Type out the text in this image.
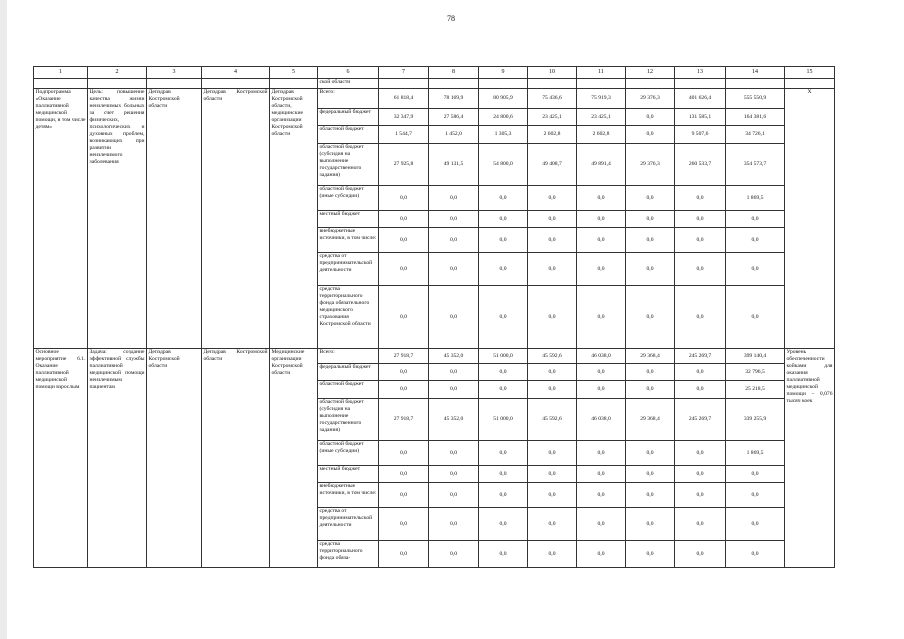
78
1	2	3	4	5	6	7	8	9	10	11	12	13	14	15
					ской области									
Подпрограмма «Оказание паллиативной медицинской помощи, в том числе детям»	Цель: повышение качества жизни неизлечимых больных за счет решения физических, психологических и духовных проблем, возникающих при развитии неизлечимого заболевания	Депздрав Костромской области	Депздрав Костромской области	Депздрав Костромской области, медицинские организации Костромской области	Всего:	61 818,4	78 169,9	80 905,9	75 436,6	75 919,3	29 376,3	401 626,4	555 550,9	Х
					федеральный бюджет	32 347,9	27 586,4	24 800,6	23 425,1	23 425,1	0,0	131 585,1	164 381,6	
					областной бюджет	1 544,7	1 452,0	1 305,3	2 602,8	2 602,8	0,0	9 507,6	34 726,1	
					областной бюджет (субсидия на выполнение государственного задания)	27 925,8	49 131,5	54 800,0	49 408,7	49 891,4	29 376,3	260 533,7	354 573,7	
					областной бюджет (иные субсидии)	0,0	0,0	0,0	0,0	0,0	0,0	0,0	1 869,5	
					местный бюджет	0,0	0,0	0,0	0,0	0,0	0,0	0,0	0,0	
					внебюджетные источники, в том числе:	0,0	0,0	0,0	0,0	0,0	0,0	0,0	0,0	
					средства от предпринимательской деятельности	0,0	0,0	0,0	0,0	0,0	0,0	0,0	0,0	
					средства территориального фонда обязательного медицинского страхования Костромской области	0,0	0,0	0,0	0,0	0,0	0,0	0,0	0,0	
Основное мероприятие 6.1. Оказание паллиативной медицинской помощи взрослым	Задача: создание эффективной службы паллиативной медицинской помощи неизлечимым пациентам	Депздрав Костромской области	Депздрав Костромской области	Медицинские организации Костромской области	Всего:	27 918,7	45 352,0	51 000,0	45 592,6	46 038,0	29 368,4	245 269,7	399 140,4	Уровень обеспеченности койками для оказания паллиативной медицинской помощи – 0,076 тысяч коек
					федеральный бюджет	0,0	0,0	0,0	0,0	0,0	0,0	0,0	32 796,5	
					областной бюджет	0,0	0,0	0,0	0,0	0,0	0,0	0,0	25 218,5	
					областной бюджет (субсидия на выполнение государственного задания)	27 918,7	45 352,0	51 000,0	45 592,6	46 038,0	29 368,4	245 269,7	339 255,9	
					областной бюджет (иные субсидии)	0,0	0,0	0,0	0,0	0,0	0,0	0,0	1 869,5	
					местный бюджет	0,0	0,0	0,0	0,0	0,0	0,0	0,0	0,0	
					внебюджетные источники, в том числе:	0,0	0,0	0,0	0,0	0,0	0,0	0,0	0,0	
					средства от предпринимательской деятельности	0,0	0,0	0,0	0,0	0,0	0,0	0,0	0,0	
					средства территориального фонда обяза-	0,0	0,0	0,0	0,0	0,0	0,0	0,0	0,0	
